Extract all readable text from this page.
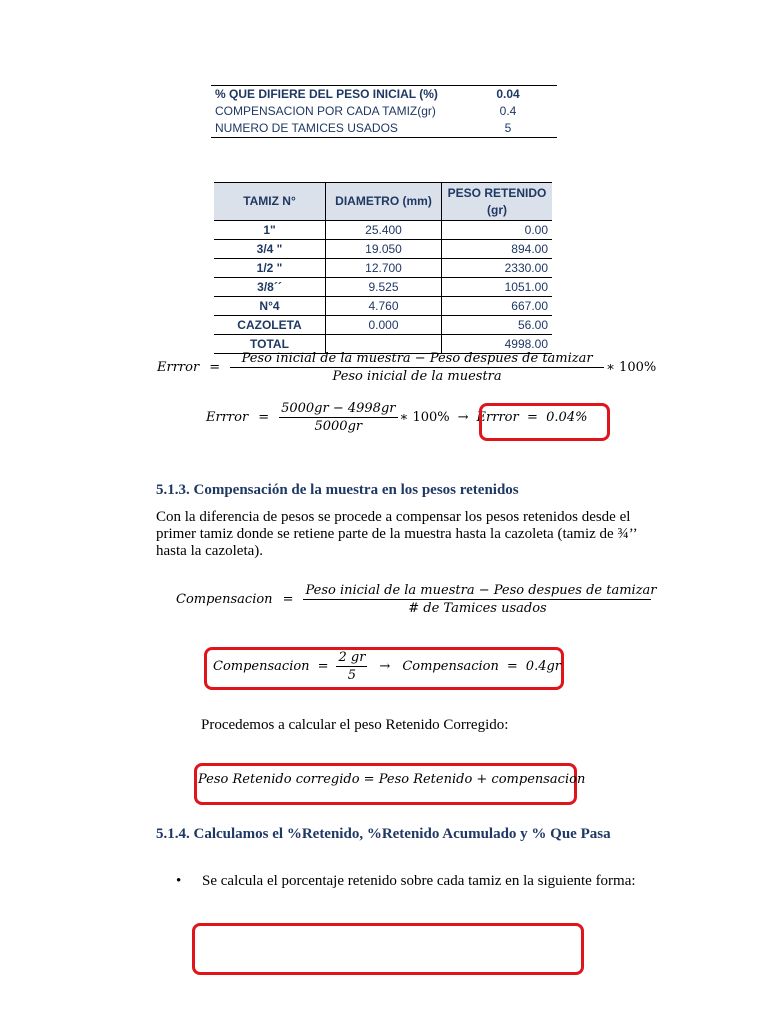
% QUE DIFIERE DEL PESO INICIAL (%)	0.04
COMPENSACION POR CADA TAMIZ(gr)	0.4
NUMERO DE TAMICES USADOS	5
TAMIZ N°	DIAMETRO (mm)	PESO RETENIDO (gr)
1"	25.400	0.00
3/4 "	19.050	894.00
1/2 "	12.700	2330.00
3/8´´	9.525	1051.00
N°4	4.760	667.00
CAZOLETA	0.000	56.00
TOTAL		4998.00
Errror = $\frac{\text{Peso inicial de la muestra − Peso despues de tamizar}}{\text{Peso inicial de la muestra}}$ ∗ 100%
Errror = $\frac{5000gr - 4998gr}{5000gr}$ ∗ 100% → Errror  =  0.04%
5.1.3. Compensación de la muestra en los pesos retenidos
Con la diferencia de pesos se procede a compensar los pesos retenidos desde el
primer tamiz donde se retiene parte de la muestra hasta la cazoleta (tamiz de ¾’’
hasta la cazoleta).
Compensacion = $\frac{\text{Peso inicial de la muestra − Peso despues de tamizar}}{\text{\# de Tamices usados}}$
Compensacion = $\frac{2 gr}{5}$ → Compensacion = 0.4gr
Procedemos a calcular el peso Retenido Corregido:
Peso Retenido corregido = Peso Retenido + compensacion
5.1.4. Calculamos el %Retenido, %Retenido Acumulado y % Que Pasa
• Se calcula el porcentaje retenido sobre cada tamiz en la siguiente forma:
